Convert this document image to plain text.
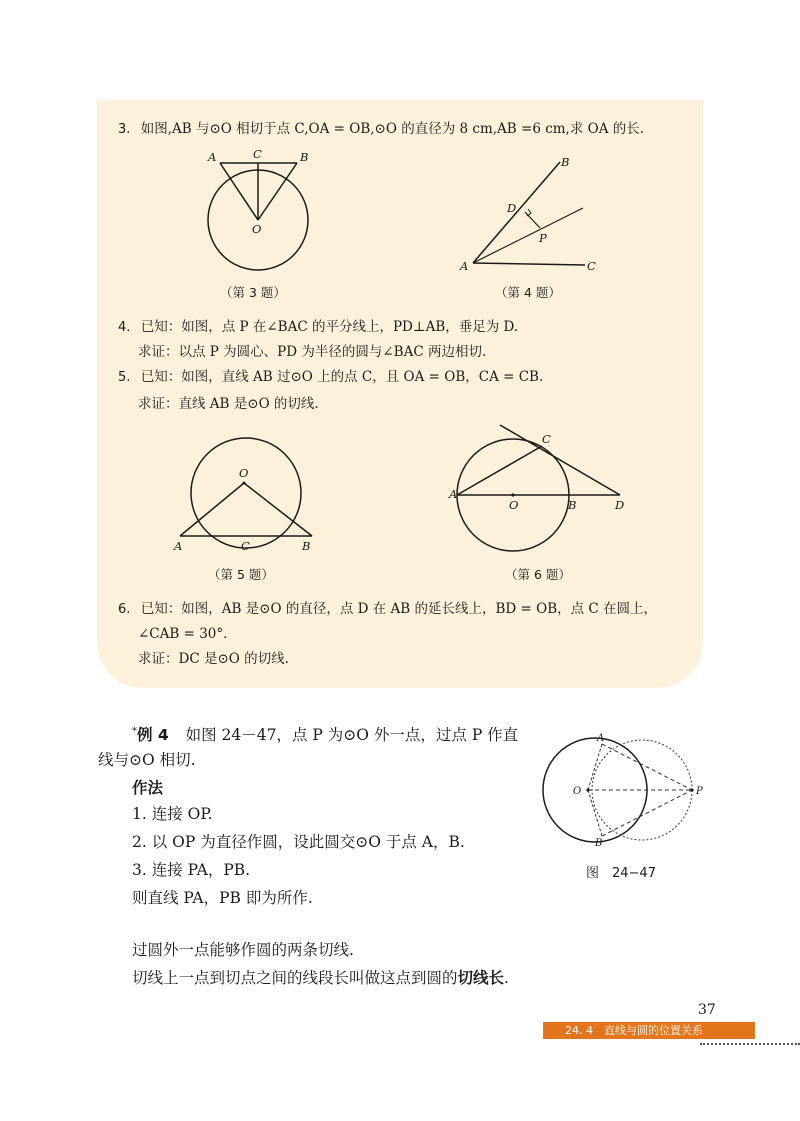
3. 如图,AB 与⊙O 相切于点 C,OA = OB,⊙O 的直径为 8 cm,AB =6 cm,求 OA 的长.
A	C	B
O
（第 3 题）
B
D
P
A	C
（第 4 题）
4. 已知：如图，点 P 在∠BAC 的平分线上，PD⊥AB，垂足为 D.
求证：以点 P 为圆心、PD 为半径的圆与∠BAC 两边相切.
5. 已知：如图，直线 AB 过⊙O 上的点 C，且 OA = OB，CA = CB.
求证：直线 AB 是⊙O 的切线.
O
A	C	B
（第 5 题）
C
A
O	B	D
（第 6 题）
6. 已知：如图，AB 是⊙O 的直径，点 D 在 AB 的延长线上，BD = OB，点 C 在圆上，
∠CAB = 30°.
求证：DC 是⊙O 的切线.
*例 4 如图 24－47，点 P 为⊙O 外一点，过点 P 作直
线与⊙O 相切.
作法
1. 连接 OP.
2. 以 OP 为直径作圆，设此圆交⊙O 于点 A，B.
3. 连接 PA，PB.
则直线 PA，PB 即为所作.
A
O	P
B
图　24−47
过圆外一点能够作圆的两条切线.
切线上一点到切点之间的线段长叫做这点到圆的切线长.
37
24. 4　直线与圆的位置关系
